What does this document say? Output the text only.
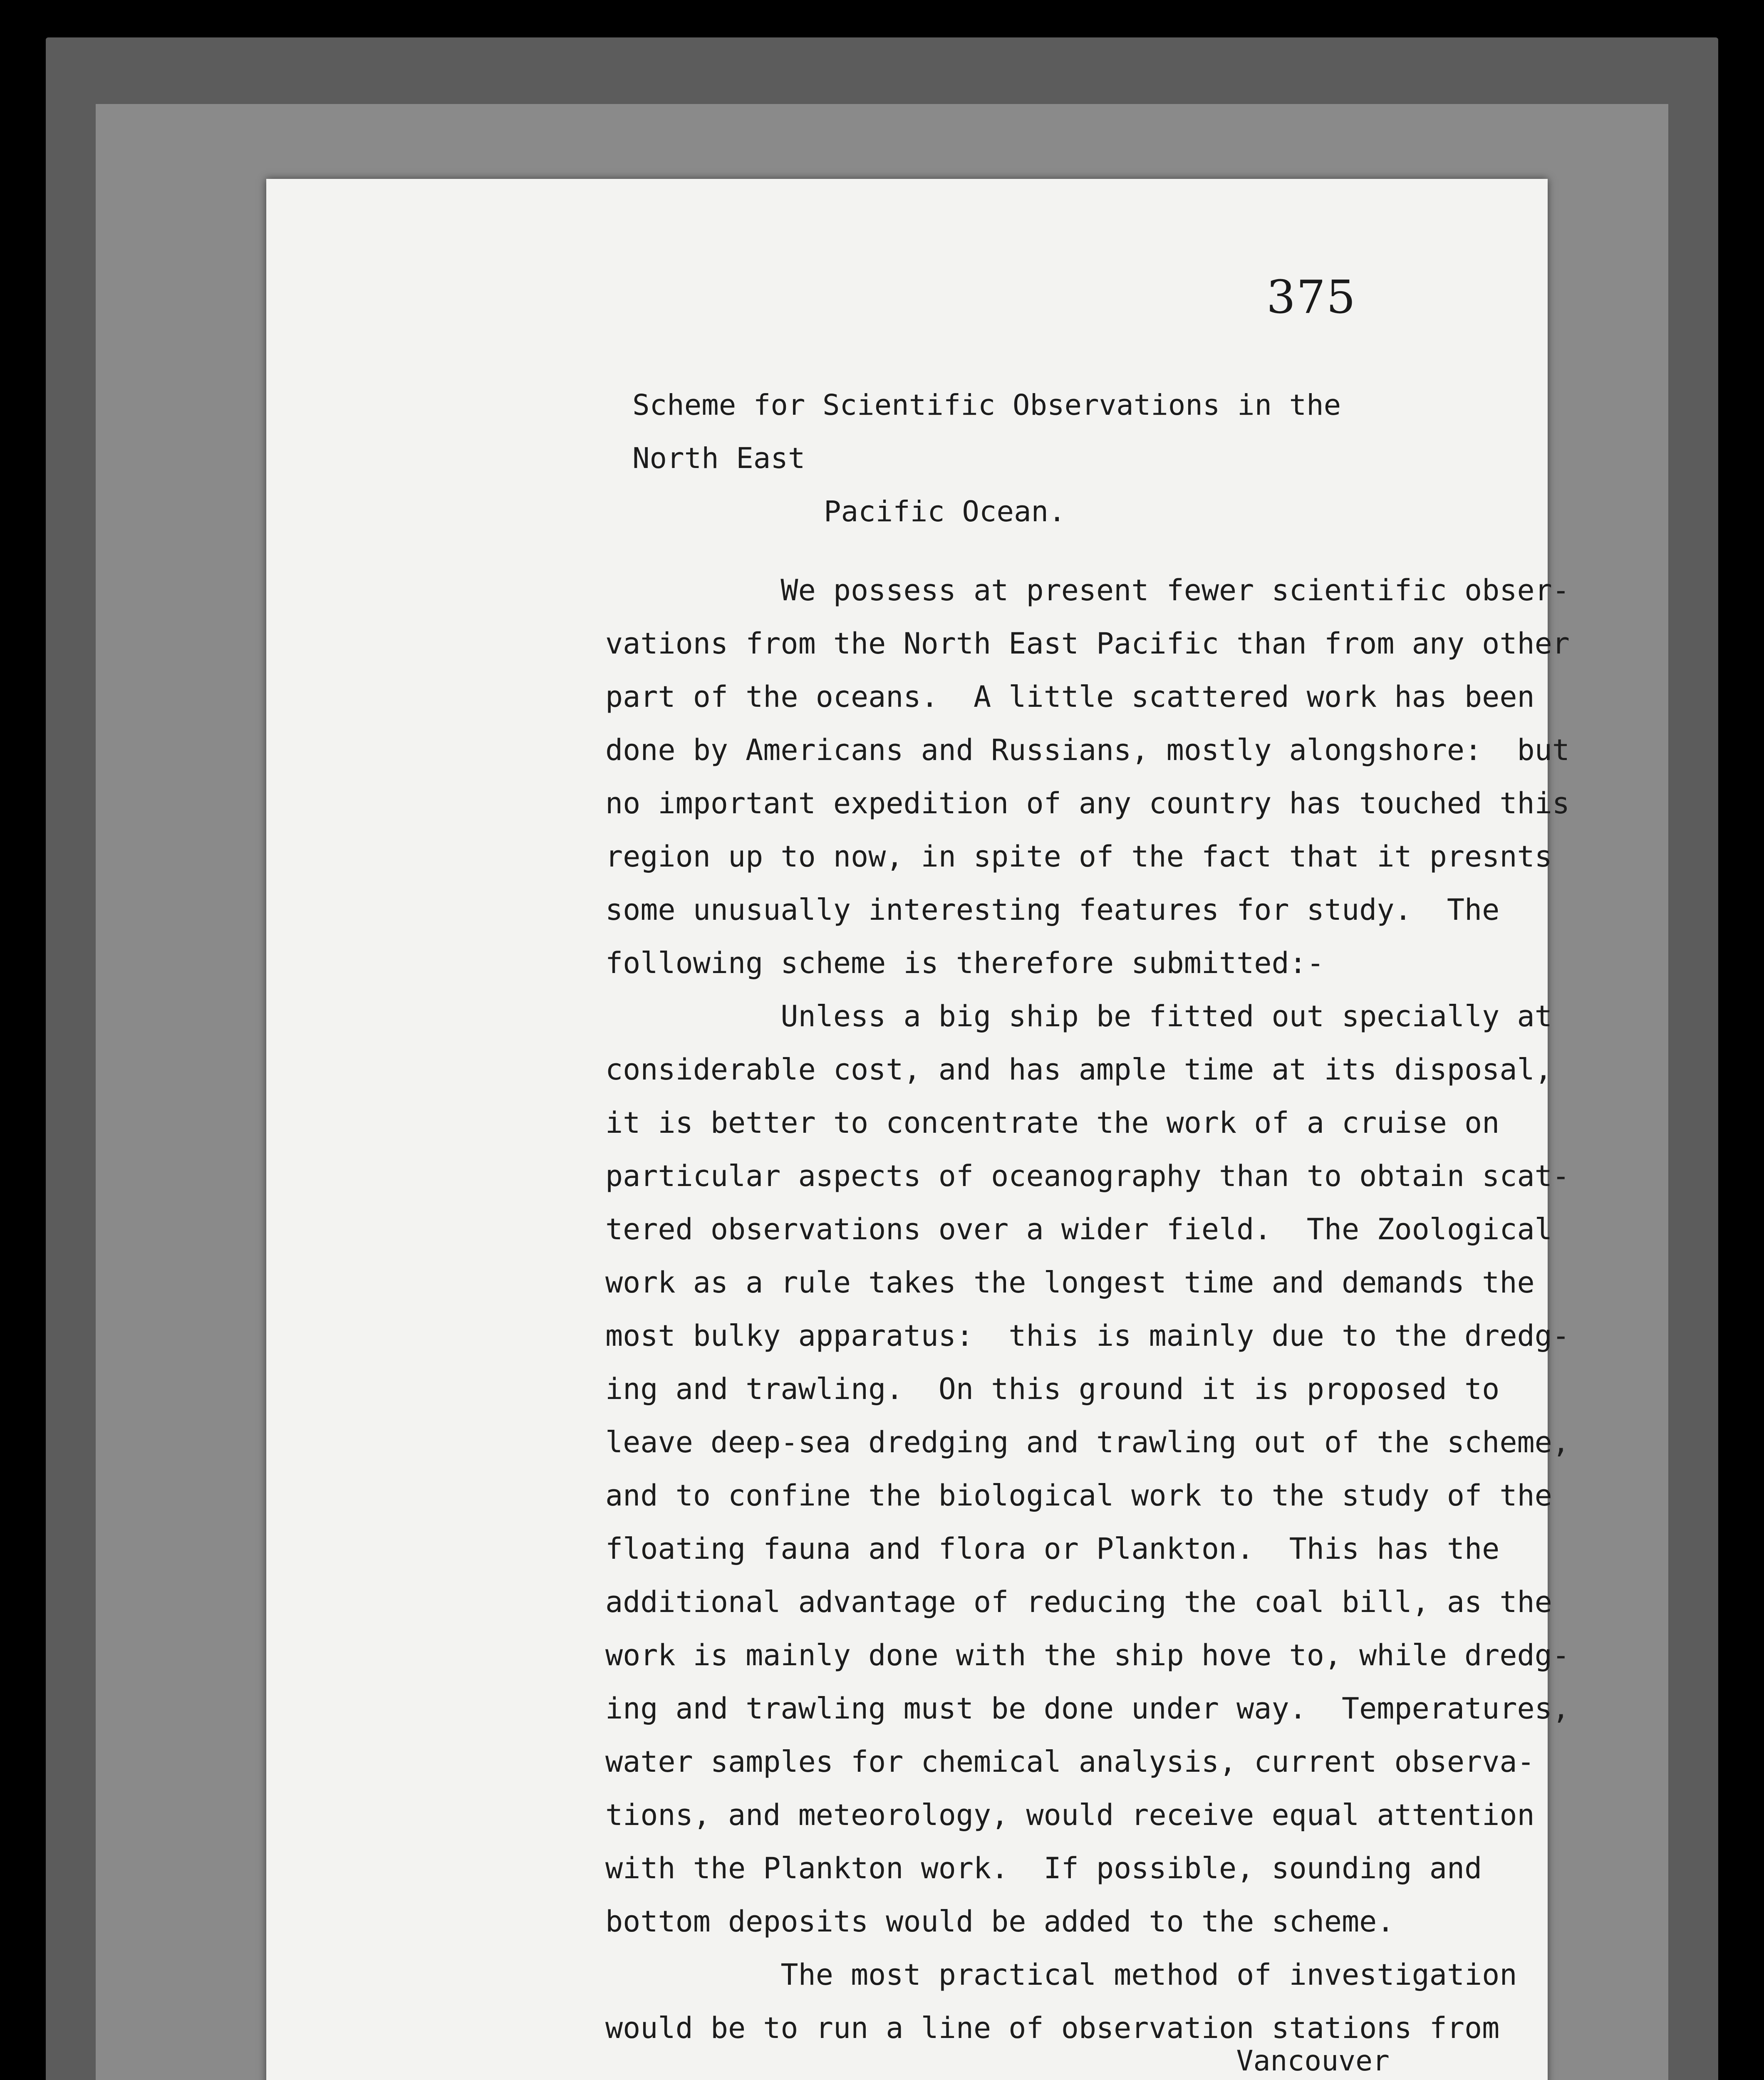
375
Scheme for Scientific Observations in the North East
Pacific Ocean.
We possess at present fewer scientific obser-
vations from the North East Pacific than from any other
part of the oceans.  A little scattered work has been
done by Americans and Russians, mostly alongshore:  but
no important expedition of any country has touched this
region up to now, in spite of the fact that it presnts
some unusually interesting features for study.  The
following scheme is therefore submitted:-
Unless a big ship be fitted out specially at
considerable cost, and has ample time at its disposal,
it is better to concentrate the work of a cruise on
particular aspects of oceanography than to obtain scat-
tered observations over a wider field.  The Zoological
work as a rule takes the longest time and demands the
most bulky apparatus:  this is mainly due to the dredg-
ing and trawling.  On this ground it is proposed to
leave deep-sea dredging and trawling out of the scheme,
and to confine the biological work to the study of the
floating fauna and flora or Plankton.  This has the
additional advantage of reducing the coal bill, as the
work is mainly done with the ship hove to, while dredg-
ing and trawling must be done under way.  Temperatures,
water samples for chemical analysis, current observa-
tions, and meteorology, would receive equal attention
with the Plankton work.  If possible, sounding and
bottom deposits would be added to the scheme.
The most practical method of investigation
would be to run a line of observation stations from
Vancouver
